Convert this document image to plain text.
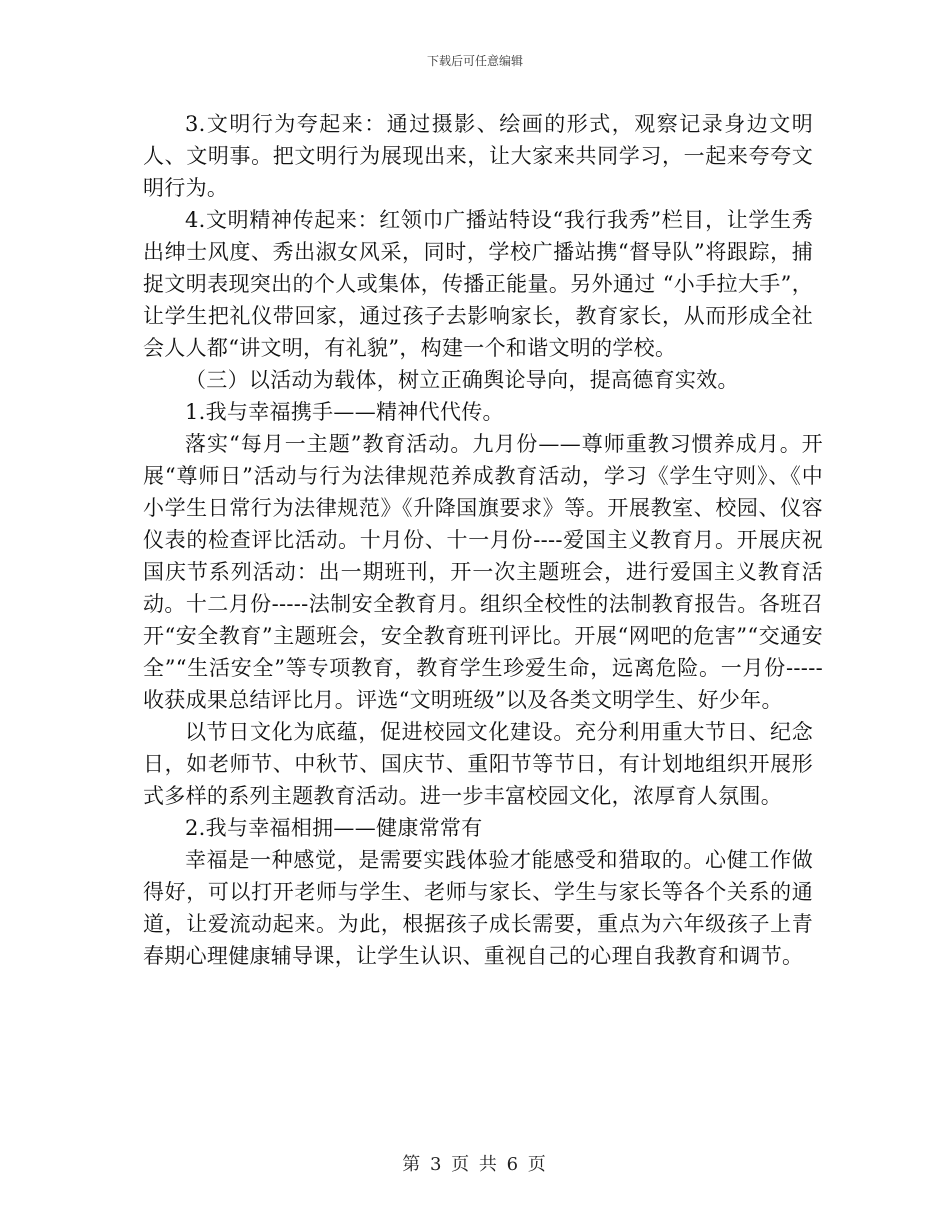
下载后可任意编辑

3.文明行为夸起来：通过摄影、绘画的形式，观察记录身边文明人、文明事。把文明行为展现出来，让大家来共同学习，一起来夸夸文明行为。

4.文明精神传起来：红领巾广播站特设“我行我秀”栏目，让学生秀出绅士风度、秀出淑女风采，同时，学校广播站携“督导队”将跟踪，捕捉文明表现突出的个人或集体，传播正能量。另外通过 “小手拉大手”，让学生把礼仪带回家，通过孩子去影响家长，教育家长，从而形成全社会人人都“讲文明，有礼貌”，构建一个和谐文明的学校。

（三）以活动为载体，树立正确舆论导向，提高德育实效。

1.我与幸福携手——精神代代传。

落实“每月一主题”教育活动。九月份——尊师重教习惯养成月。开展“尊师日”活动与行为法律规范养成教育活动，学习《学生守则》、《中小学生日常行为法律规范》《升降国旗要求》等。开展教室、校园、仪容仪表的检查评比活动。十月份、十一月份----爱国主义教育月。开展庆祝国庆节系列活动：出一期班刊，开一次主题班会，进行爱国主义教育活动。十二月份-----法制安全教育月。组织全校性的法制教育报告。各班召开“安全教育”主题班会，安全教育班刊评比。开展“网吧的危害”“交通安全”“生活安全”等专项教育，教育学生珍爱生命，远离危险。一月份-----收获成果总结评比月。评选“文明班级”以及各类文明学生、好少年。

以节日文化为底蕴，促进校园文化建设。充分利用重大节日、纪念日，如老师节、中秋节、国庆节、重阳节等节日，有计划地组织开展形式多样的系列主题教育活动。进一步丰富校园文化，浓厚育人氛围。

2.我与幸福相拥——健康常常有

幸福是一种感觉，是需要实践体验才能感受和猎取的。心健工作做得好，可以打开老师与学生、老师与家长、学生与家长等各个关系的通道，让爱流动起来。为此，根据孩子成长需要，重点为六年级孩子上青春期心理健康辅导课，让学生认识、重视自己的心理自我教育和调节。

第 3 页 共 6 页
